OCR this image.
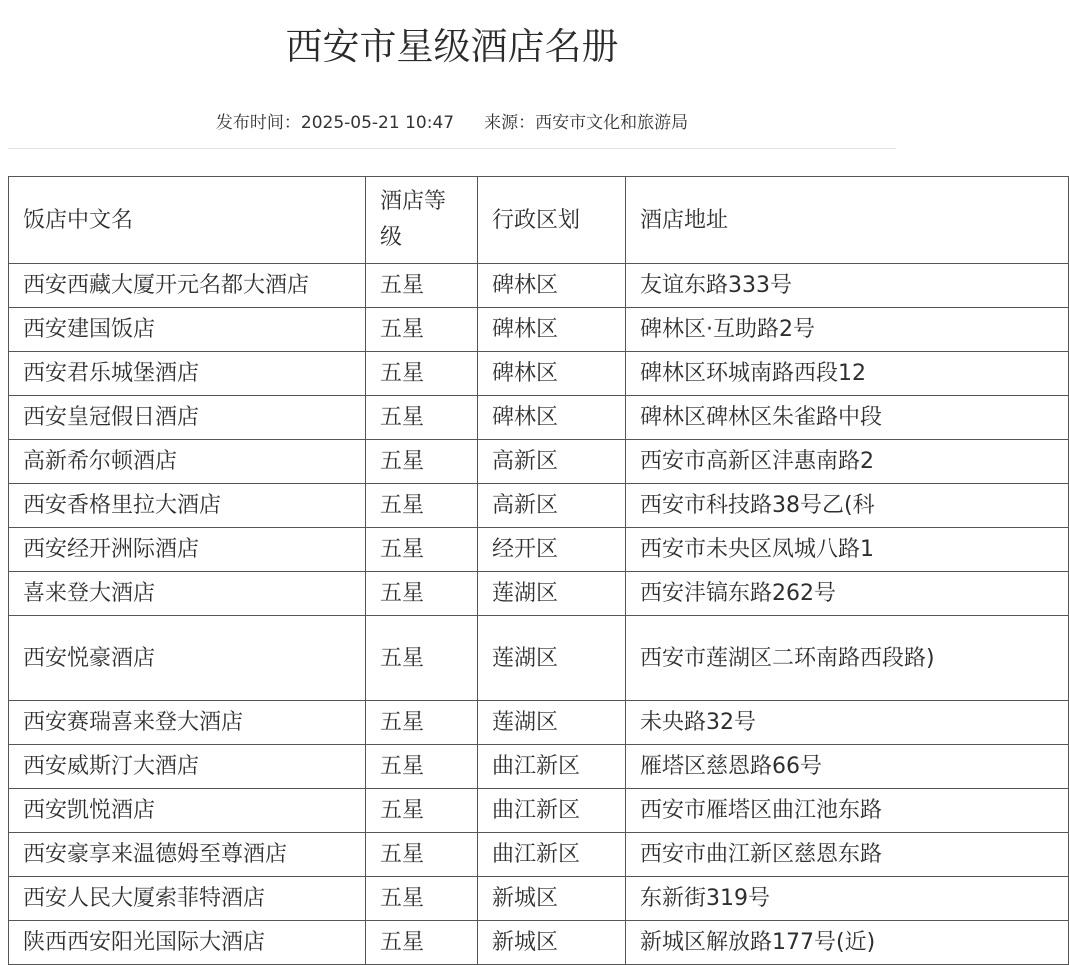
西安市星级酒店名册
发布时间：2025-05-21 10:47 来源：西安市文化和旅游局
饭店中文名	酒店等级	行政区划	酒店地址
西安西藏大厦开元名都大酒店	五星	碑林区	友谊东路333号
西安建国饭店	五星	碑林区	碑林区·互助路2号
西安君乐城堡酒店	五星	碑林区	碑林区环城南路西段12
西安皇冠假日酒店	五星	碑林区	碑林区碑林区朱雀路中段
高新希尔顿酒店	五星	高新区	西安市高新区沣惠南路2
西安香格里拉大酒店	五星	高新区	西安市科技路38号乙(科
西安经开洲际酒店	五星	经开区	西安市未央区凤城八路1
喜来登大酒店	五星	莲湖区	西安沣镐东路262号
西安悦豪酒店	五星	莲湖区	西安市莲湖区二环南路西段路)
西安赛瑞喜来登大酒店	五星	莲湖区	未央路32号
西安威斯汀大酒店	五星	曲江新区	雁塔区慈恩路66号
西安凯悦酒店	五星	曲江新区	西安市雁塔区曲江池东路
西安豪享来温德姆至尊酒店	五星	曲江新区	西安市曲江新区慈恩东路
西安人民大厦索菲特酒店	五星	新城区	东新街319号
陕西西安阳光国际大酒店	五星	新城区	新城区解放路177号(近)
